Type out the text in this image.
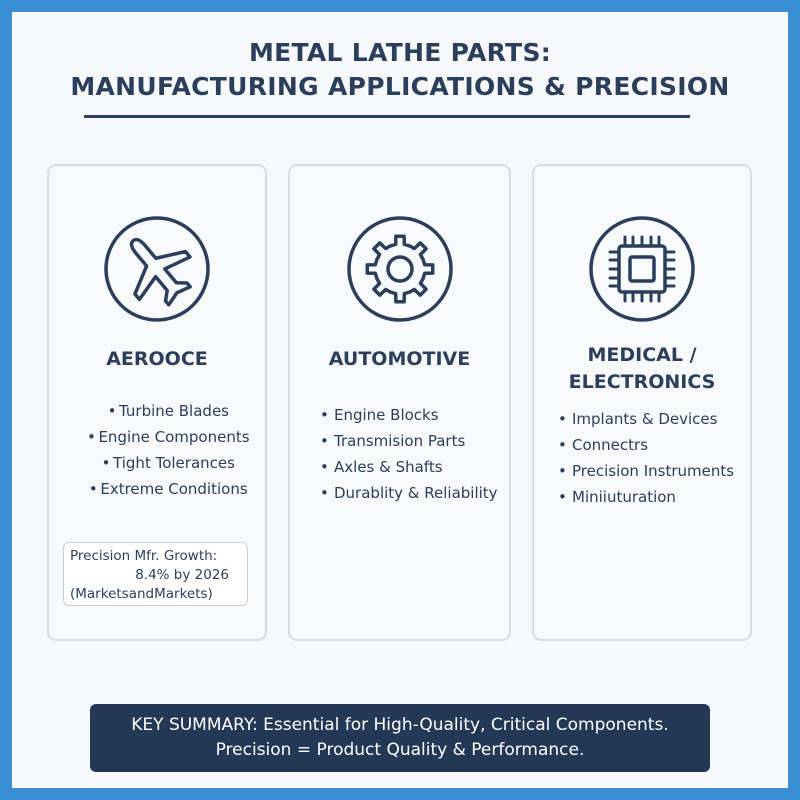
METAL LATHE PARTS:
MANUFACTURING APPLICATIONS & PRECISION
AEROOCE
• Turbine Blades
• Engine Components
• Tight Tolerances
• Extreme Conditions
Precision Mfr. Growth:
8.4% by 2026
(MarketsandMarkets)
AUTOMOTIVE
• Engine Blocks
• Transmision Parts
• Axles & Shafts
• Durablity & Reliability
MEDICAL /
ELECTRONICS
• Implants & Devices
• Connectrs
• Precision Instruments
• Miniiuturation
KEY SUMMARY: Essential for High-Quality, Critical Components.
Precision = Product Quality & Performance.
